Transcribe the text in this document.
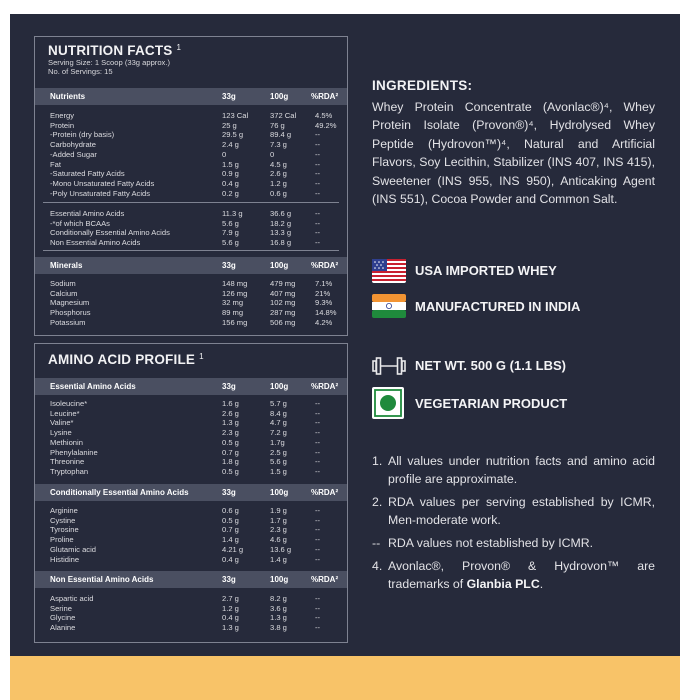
NUTRITION FACTS $^1$
Serving Size: 1 Scoop (33g approx.)
No. of Servings: 15
Nutrients	33g	100g	%RDA²
Energy	123 Cal	372 Cal 4.5%
Protein	25 g	76 g	49.2%
-Protein (dry basis)	29.5 g	89.4 g	--
Carbohydrate	2.4 g	7.3 g	--
-Added Sugar	0	0	--
Fat	1.5 g	4.5 g	--
-Saturated Fatty Acids	0.9 g	2.6 g	--
-Mono Unsaturated Fatty Acids	0.4 g	1.2 g	--
-Poly Unsaturated Fatty Acids	0.2 g	0.6 g	--
Essential Amino Acids	11.3 g	36.6 g	--
-*of which BCAAs	5.6 g	18.2 g	--
Conditionally Essential Amino Acids	7.9 g	13.3 g	--
Non Essential Amino Acids	5.6 g	16.8 g	--
Minerals	33g	100g	%RDA²
Sodium	148 mg	479 mg	7.1%
Calcium	126 mg	407 mg	21%
Magnesium	32 mg	102 mg	9.3%
Phosphorus	89 mg	287 mg	14.8%
Potassium	156 mg	506 mg	4.2%
AMINO ACID PROFILE $^1$
Essential Amino Acids	33g	100g	%RDA²
Isoleucine*	1.6 g	5.7 g	--
Leucine*	2.6 g	8.4 g	--
Valine*	1.3 g	4.7 g	--
Lysine	2.3 g	7.2 g	--
Methionin	0.5 g	1.7g	--
Phenylalanine	0.7 g	2.5 g	--
Threonine	1.8 g	5.6 g	--
Tryptophan	0.5 g	1.5 g	--
Conditionally Essential Amino Acids	33g	100g	%RDA²
Arginine	0.6 g	1.9 g	--
Cystine	0.5 g	1.7 g	--
Tyrosine	0.7 g	2.3 g	--
Proline	1.4 g	4.6 g	--
Glutamic acid	4.21 g	13.6 g	--
Histidine	0.4 g	1.4 g	--
Non Essential Amino Acids	33g	100g	%RDA²
Aspartic acid	2.7 g	8.2 g	--
Serine	1.2 g	3.6 g	--
Glycine	0.4 g	1.3 g	--
Alanine	1.3 g	3.8 g	--
INGREDIENTS:
Whey Protein Concentrate (Avonlac®)⁴, Whey Protein Isolate (Provon®)⁴, Hydrolysed Whey Peptide (Hydrovon™)⁴, Natural and Artificial Flavors, Soy Lecithin, Stabilizer (INS 407, INS 415), Sweetener (INS 955, INS 950), Anticaking Agent (INS 551), Cocoa Powder and Common Salt.
USA IMPORTED WHEY
MANUFACTURED IN INDIA
NET WT. 500 G (1.1 LBS)
VEGETARIAN PRODUCT
1. All values under nutrition facts and amino acid profile are approximate.
2. RDA values per serving established by ICMR, Men-moderate work.
-- RDA values not established by ICMR.
4. Avonlac®, Provon® & Hydrovon™ are trademarks of Glanbia PLC.
